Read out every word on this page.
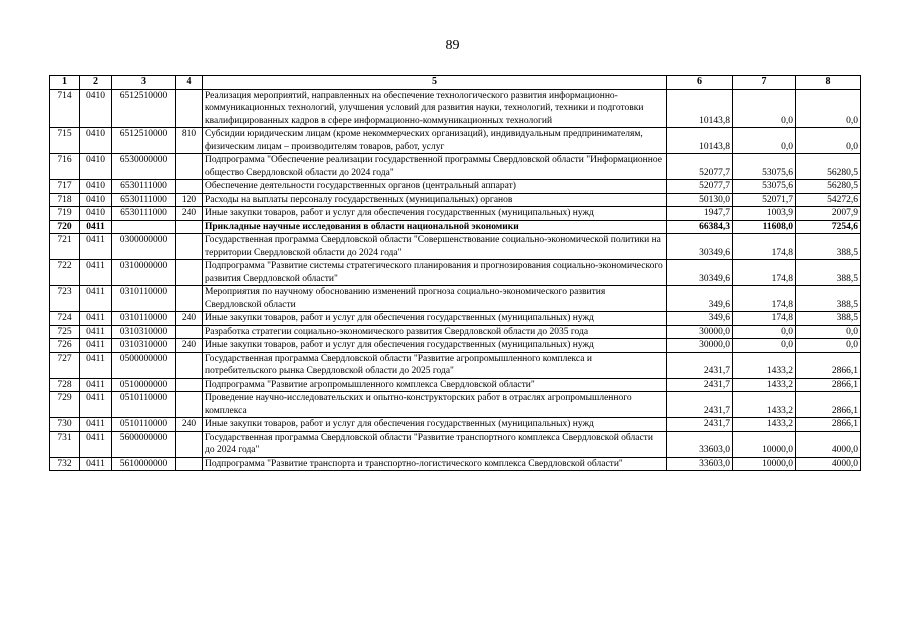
89
1	2	3	4	5	6	7	8
714	0410	6512510000		Реализация мероприятий, направленных на обеспечение технологического развития информационно-коммуникационных технологий, улучшения условий для развития науки, технологий, техники и подготовки квалифицированных кадров в сфере информационно-коммуникационных технологий	10143,8	0,0	0,0
715	0410	6512510000	810	Субсидии юридическим лицам (кроме некоммерческих организаций), индивидуальным предпринимателям, физическим лицам – производителям товаров, работ, услуг	10143,8	0,0	0,0
716	0410	6530000000		Подпрограмма "Обеспечение реализации государственной программы Свердловской области "Информационное общество Свердловской области до 2024 года"	52077,7	53075,6	56280,5
717	0410	6530111000		Обеспечение деятельности государственных органов (центральный аппарат)	52077,7	53075,6	56280,5
718	0410	6530111000	120	Расходы на выплаты персоналу государственных (муниципальных) органов	50130,0	52071,7	54272,6
719	0410	6530111000	240	Иные закупки товаров, работ и услуг для обеспечения государственных (муниципальных) нужд	1947,7	1003,9	2007,9
720	0411			Прикладные научные исследования в области национальной экономики	66384,3	11608,0	7254,6
721	0411	0300000000		Государственная программа Свердловской области "Совершенствование социально-экономической политики на территории Свердловской области до 2024 года"	30349,6	174,8	388,5
722	0411	0310000000		Подпрограмма "Развитие системы стратегического планирования и прогнозирования социально-экономического развития Свердловской области"	30349,6	174,8	388,5
723	0411	0310110000		Мероприятия по научному обоснованию изменений прогноза социально-экономического развития Свердловской области	349,6	174,8	388,5
724	0411	0310110000	240	Иные закупки товаров, работ и услуг для обеспечения государственных (муниципальных) нужд	349,6	174,8	388,5
725	0411	0310310000		Разработка стратегии социально-экономического развития Свердловской области до 2035 года	30000,0	0,0	0,0
726	0411	0310310000	240	Иные закупки товаров, работ и услуг для обеспечения государственных (муниципальных) нужд	30000,0	0,0	0,0
727	0411	0500000000		Государственная программа Свердловской области "Развитие агропромышленного комплекса и потребительского рынка Свердловской области до 2025 года"	2431,7	1433,2	2866,1
728	0411	0510000000		Подпрограмма "Развитие агропромышленного комплекса Свердловской области"	2431,7	1433,2	2866,1
729	0411	0510110000		Проведение научно-исследовательских и опытно-конструкторских работ в отраслях агропромышленного комплекса	2431,7	1433,2	2866,1
730	0411	0510110000	240	Иные закупки товаров, работ и услуг для обеспечения государственных (муниципальных) нужд	2431,7	1433,2	2866,1
731	0411	5600000000		Государственная программа Свердловской области "Развитие транспортного комплекса Свердловской области до 2024 года"	33603,0	10000,0	4000,0
732	0411	5610000000		Подпрограмма "Развитие транспорта и транспортно-логистического комплекса Свердловской области"	33603,0	10000,0	4000,0
